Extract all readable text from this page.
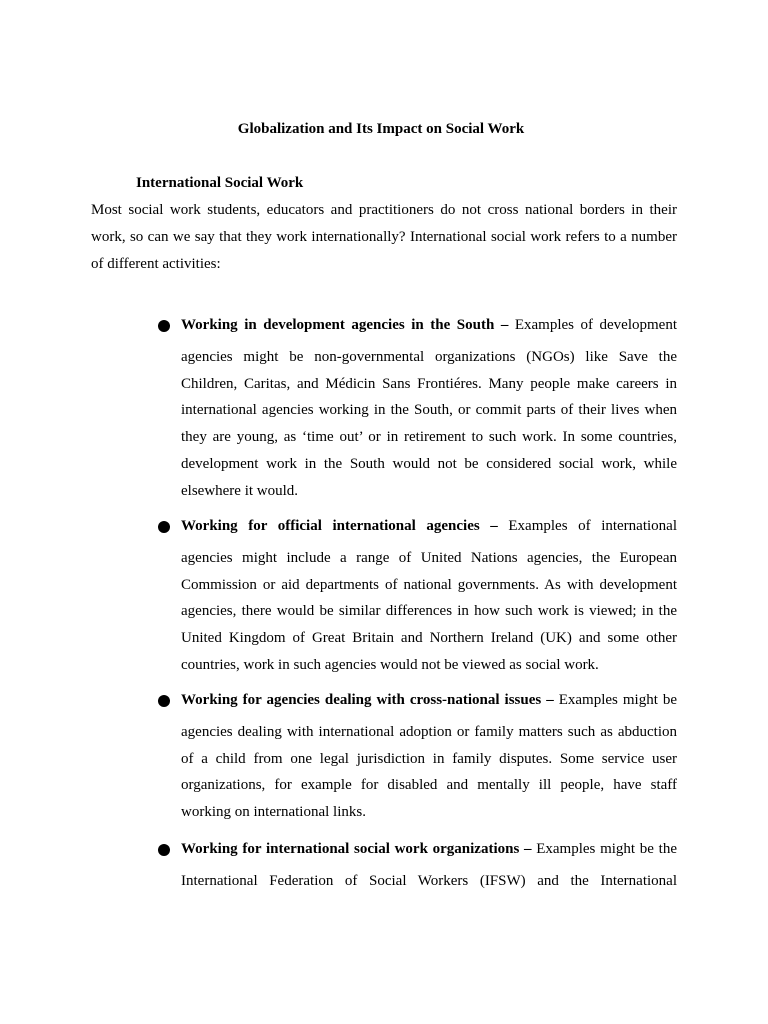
Globalization and Its Impact on Social Work
International Social Work

Most social work students, educators and practitioners do not cross national borders in their work, so can we say that they work internationally? International social work refers to a number of different activities:

Working in development agencies in the South – Examples of development

agencies might be non-governmental organizations (NGOs) like Save the Children, Caritas, and Médicin Sans Frontiéres. Many people make careers in international agencies working in the South, or commit parts of their lives when they are young, as ‘time out’ or in retirement to such work. In some countries, development work in the South would not be considered social work, while elsewhere it would.

Working for official international agencies – Examples of international

agencies might include a range of United Nations agencies, the European Commission or aid departments of national governments. As with development agencies, there would be similar differences in how such work is viewed; in the United Kingdom of Great Britain and Northern Ireland (UK) and some other countries, work in such agencies would not be viewed as social work.

Working for agencies dealing with cross-national issues – Examples might be

agencies dealing with international adoption or family matters such as abduction of a child from one legal jurisdiction in family disputes. Some service user organizations, for example for disabled and mentally ill people, have staff working on international links.

Working for international social work organizations – Examples might be the

International Federation of Social Workers (IFSW) and the International
